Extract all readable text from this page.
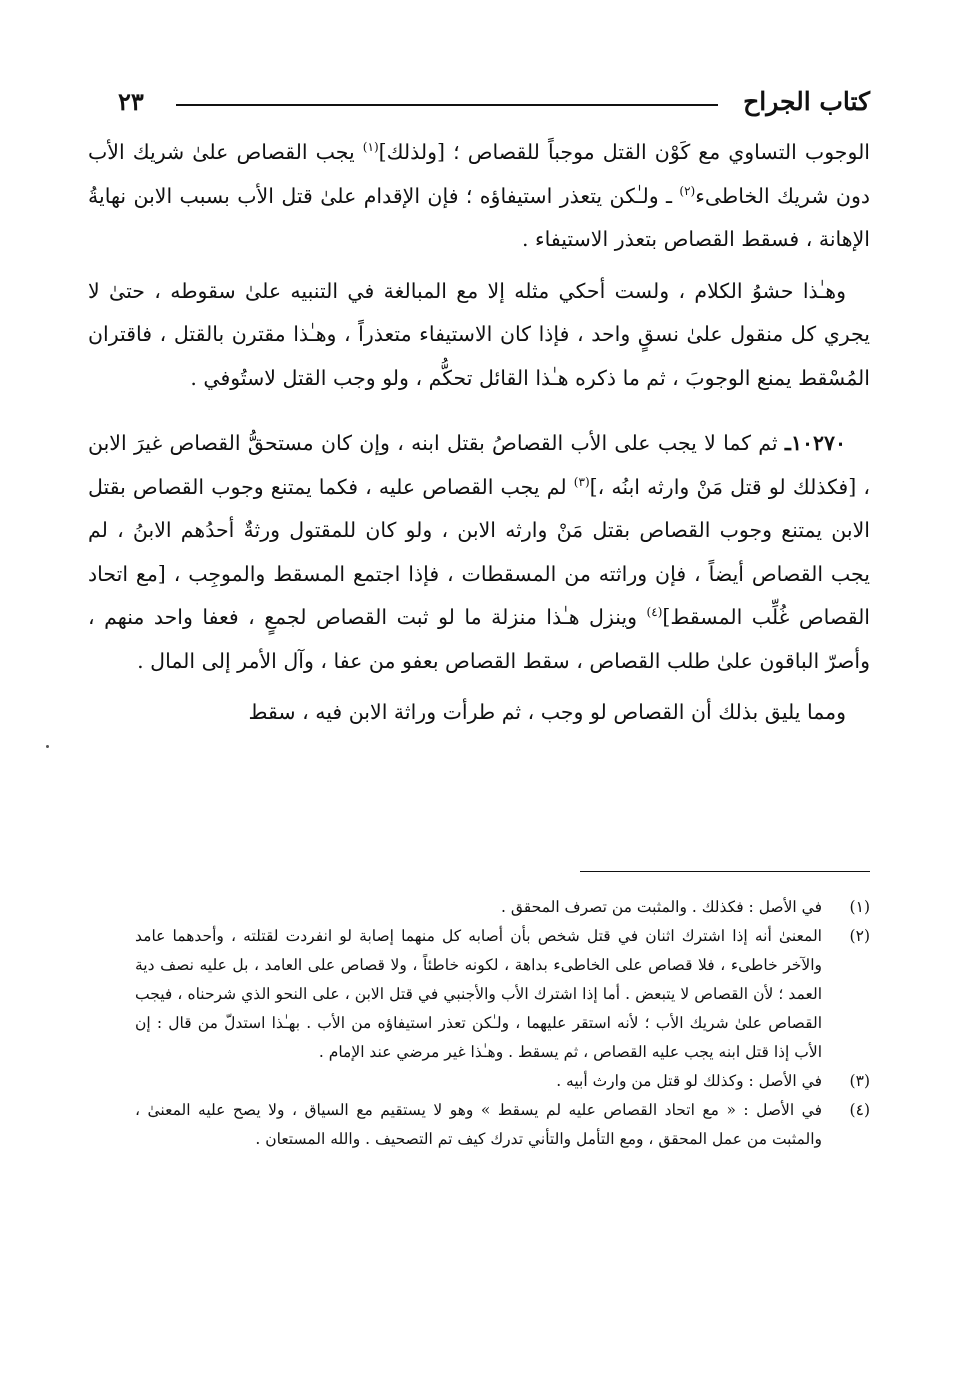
كتاب الجراح
٢٣

الوجوب التساوي مع كَوْن القتل موجباً للقصاص ؛ [ولذلك]$^{(١)}$ يجب القصاص علىٰ شريك الأب دون شريك الخاطىء$^{(٢)}$ ـ ولـٰكن يتعذر استيفاؤه ؛ فإن الإقدام علىٰ قتل الأب بسبب الابن نهايةُ الإهانة ، فسقط القصاص بتعذر الاستيفاء .

وهـٰذا حشوُ الكلام ، ولست أحكي مثله إلا مع المبالغة في التنبيه علىٰ سقوطه ، حتىٰ لا يجري كل منقول علىٰ نسقٍ واحد ، فإذا كان الاستيفاء متعذراً ، وهـٰذا مقترن بالقتل ، فاقتران المُسْقط يمنع الوجوبَ ، ثم ما ذكره هـٰذا القائل تحكُّم ، ولو وجب القتل لاستُوفي .

١٠٢٧٠ـ ثم كما لا يجب على الأب القصاصُ بقتل ابنه ، وإن كان مستحقُّ القصاص غيرَ الابن ، [فكذلك لو قتل مَنْ وارثه ابنُه ،]$^{(٣)}$ لم يجب القصاص عليه ، فكما يمتنع وجوب القصاص بقتل الابن يمتنع وجوب القصاص بقتل مَنْ وارثه الابن ، ولو كان للمقتول ورثةٌ أحدُهم الابنُ ، لم يجب القصاص أيضاً ، فإن وراثته من المسقطات ، فإذا اجتمع المسقط والموجِب ، [مع اتحاد القصاص غُلِّب المسقط]$^{(٤)}$ وينزل هـٰذا منزلة ما لو ثبت القصاص لجمعٍ ، فعفا واحد منهم ، وأصرّ الباقون علىٰ طلب القصاص ، سقط القصاص بعفو من عفا ، وآل الأمر إلى المال .

ومما يليق بذلك أن القصاص لو وجب ، ثم طرأت وراثة الابن فيه ، سقط

(١)
في الأصل : فكذلك . والمثبت من تصرف المحقق .
(٢)
المعنىٰ أنه إذا اشترك اثنان في قتل شخص بأن أصابه كل منهما إصابة لو انفردت لقتلته ، وأحدهما عامد والآخر خاطىء ، فلا قصاص على الخاطىء بداهة ، لكونه خاطئاً ، ولا قصاص على العامد ، بل عليه نصف دية العمد ؛ لأن القصاص لا يتبعض . أما إذا اشترك الأب والأجنبي في قتل الابن ، على النحو الذي شرحناه ، فيجب القصاص علىٰ شريك الأب ؛ لأنه استقر عليهما ، ولـٰكن تعذر استيفاؤه من الأب . بهـٰذا استدلّ من قال : إن الأب إذا قتل ابنه يجب عليه القصاص ، ثم يسقط . وهـٰذا غير مرضي عند الإمام .
(٣)
في الأصل : وكذلك لو قتل من وارث أبيه .
(٤)
في الأصل : « مع اتحاد القصاص عليه لم يسقط » وهو لا يستقيم مع السياق ، ولا يصح عليه المعنىٰ ، والمثبت من عمل المحقق ، ومع التأمل والتأني تدرك كيف تم التصحيف . والله المستعان .
